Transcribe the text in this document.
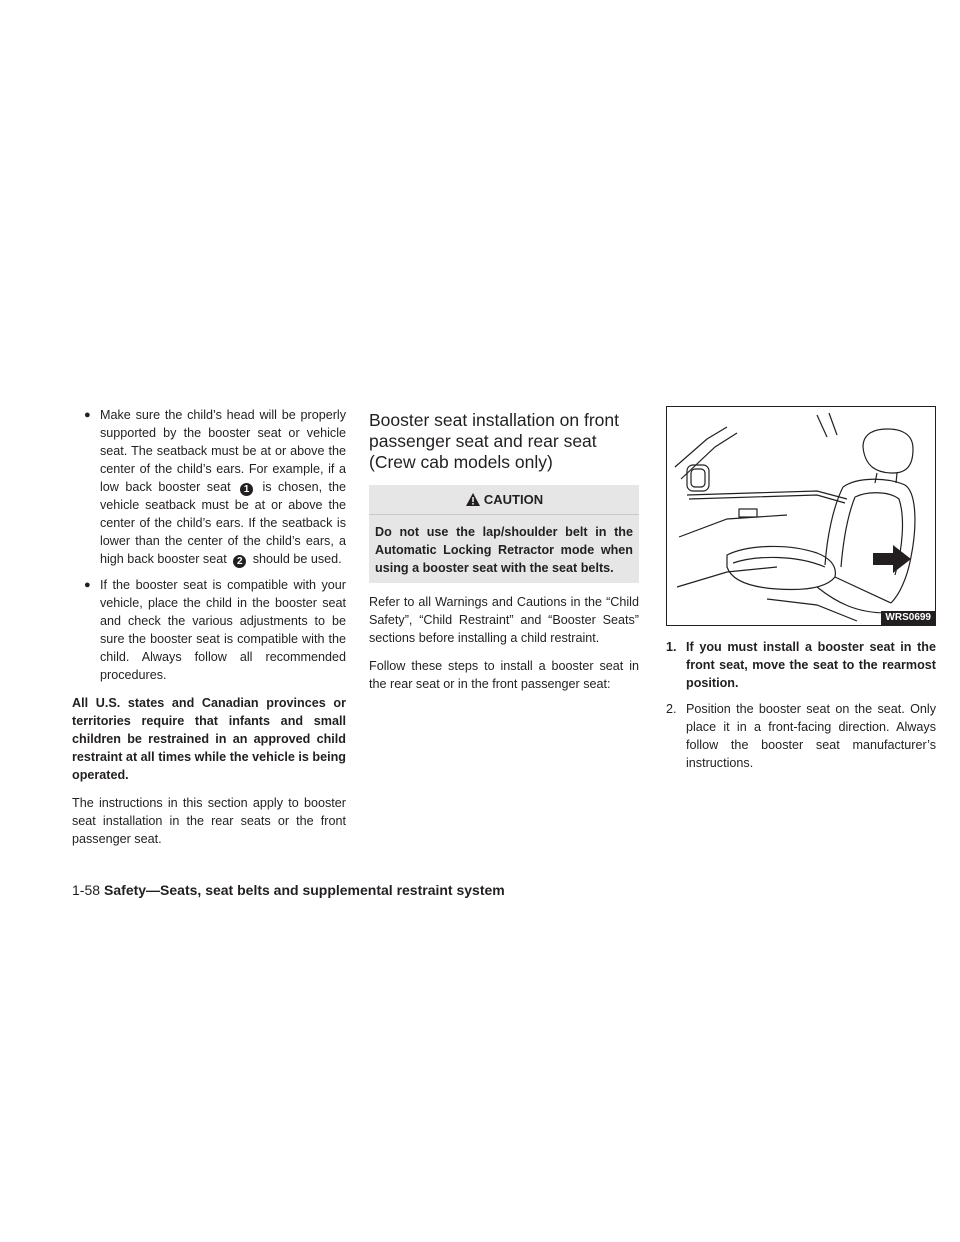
● Make sure the child’s head will be properly supported by the booster seat or vehicle seat. The seatback must be at or above the center of the child’s ears. For example, if a low back booster seat 1 is chosen, the vehicle seatback must be at or above the center of the child’s ears. If the seatback is lower than the center of the child’s ears, a high back booster seat 2 should be used.
● If the booster seat is compatible with your vehicle, place the child in the booster seat and check the various adjustments to be sure the booster seat is compatible with the child. Always follow all recommended procedures.

All U.S. states and Canadian provinces or territories require that infants and small children be restrained in an approved child restraint at all times while the vehicle is being operated.

The instructions in this section apply to booster seat installation in the rear seats or the front passenger seat.

Booster seat installation on front passenger seat and rear seat (Crew cab models only)
CAUTION
Do not use the lap/shoulder belt in the Automatic Locking Retractor mode when using a booster seat with the seat belts.

Refer to all Warnings and Cautions in the “Child Safety”, “Child Restraint” and “Booster Seats” sections before installing a child restraint.

Follow these steps to install a booster seat in the rear seat or in the front passenger seat:

WRS0699
1. If you must install a booster seat in the front seat, move the seat to the rearmost position.
2. Position the booster seat on the seat. Only place it in a front-facing direction. Always follow the booster seat manufacturer’s instructions.
1-58 Safety—Seats, seat belts and supplemental restraint system
